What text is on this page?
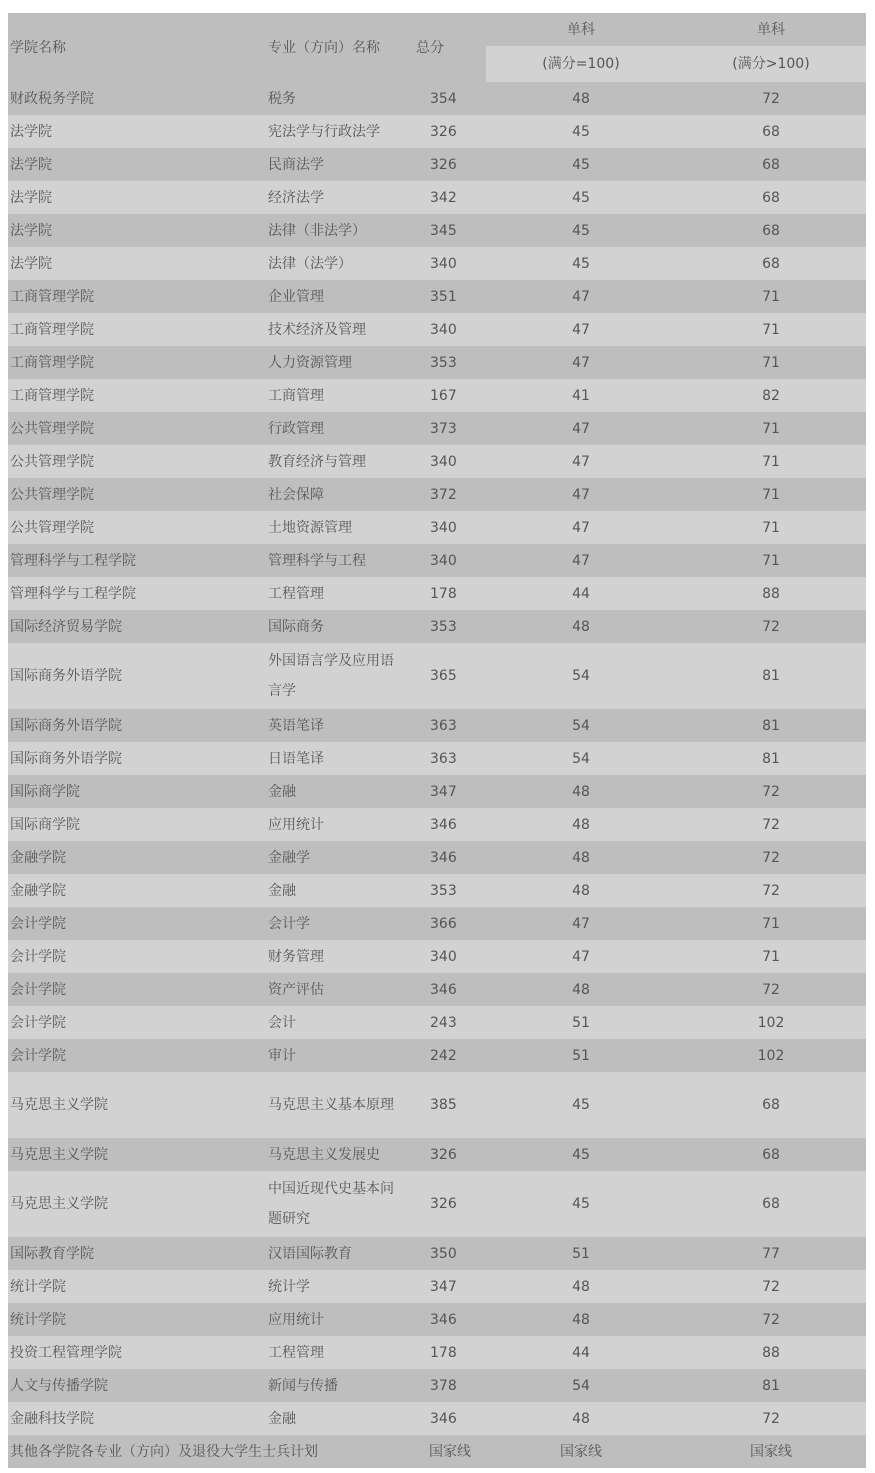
学院名称	专业（方向）名称	总分	单科	单科
			(满分=100)	(满分>100)
财政税务学院	税务	354	48	72
法学院	宪法学与行政法学	326	45	68
法学院	民商法学	326	45	68
法学院	经济法学	342	45	68
法学院	法律（非法学）	345	45	68
法学院	法律（法学）	340	45	68
工商管理学院	企业管理	351	47	71
工商管理学院	技术经济及管理	340	47	71
工商管理学院	人力资源管理	353	47	71
工商管理学院	工商管理	167	41	82
公共管理学院	行政管理	373	47	71
公共管理学院	教育经济与管理	340	47	71
公共管理学院	社会保障	372	47	71
公共管理学院	土地资源管理	340	47	71
管理科学与工程学院	管理科学与工程	340	47	71
管理科学与工程学院	工程管理	178	44	88
国际经济贸易学院	国际商务	353	48	72
国际商务外语学院	外国语言学及应用语言学	365	54	81
国际商务外语学院	英语笔译	363	54	81
国际商务外语学院	日语笔译	363	54	81
国际商学院	金融	347	48	72
国际商学院	应用统计	346	48	72
金融学院	金融学	346	48	72
金融学院	金融	353	48	72
会计学院	会计学	366	47	71
会计学院	财务管理	340	47	71
会计学院	资产评估	346	48	72
会计学院	会计	243	51	102
会计学院	审计	242	51	102
马克思主义学院	马克思主义基本原理	385	45	68
马克思主义学院	马克思主义发展史	326	45	68
马克思主义学院	中国近现代史基本问题研究	326	45	68
国际教育学院	汉语国际教育	350	51	77
统计学院	统计学	347	48	72
统计学院	应用统计	346	48	72
投资工程管理学院	工程管理	178	44	88
人文与传播学院	新闻与传播	378	54	81
金融科技学院	金融	346	48	72
其他各学院各专业（方向）及退役大学生士兵计划		国家线	国家线	国家线
